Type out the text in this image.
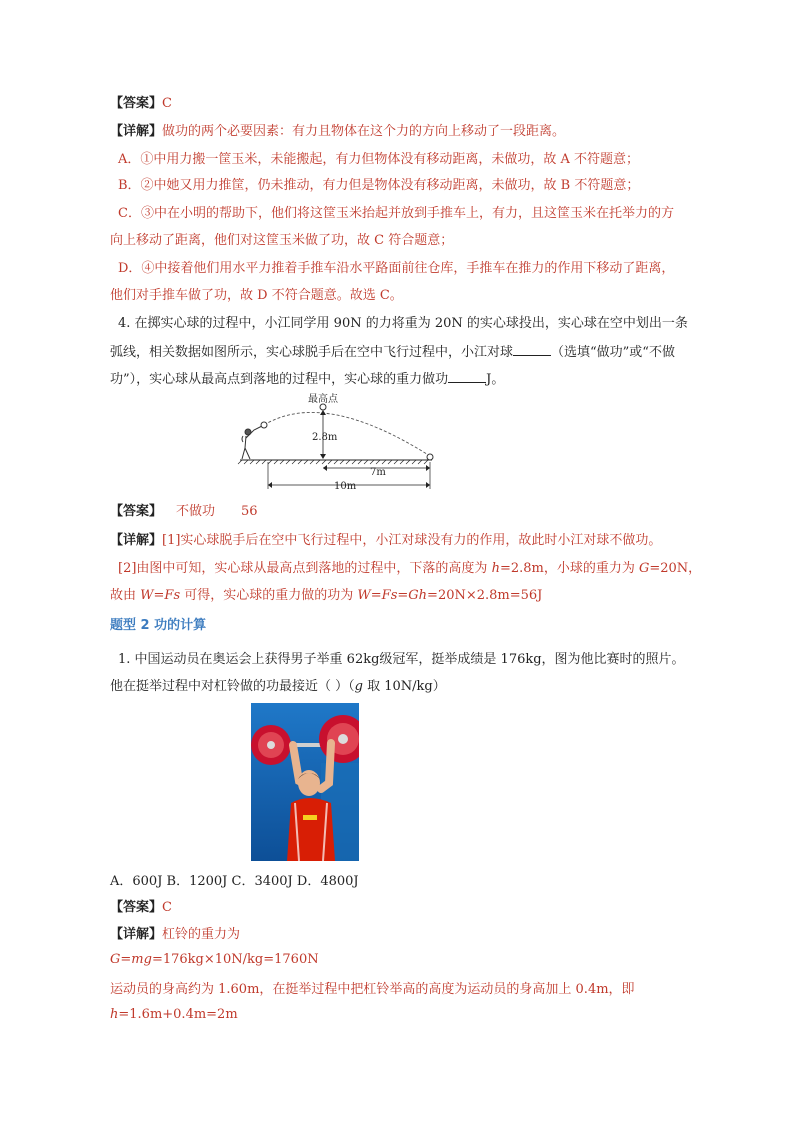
【答案】C
【详解】做功的两个必要因素：有力且物体在这个力的方向上移动了一段距离。
A．①中用力搬一筐玉米，未能搬起，有力但物体没有移动距离，未做功，故 A 不符题意；
B．②中她又用力推筐，仍未推动，有力但是物体没有移动距离，未做功，故 B 不符题意；
C．③中在小明的帮助下，他们将这筐玉米抬起并放到手推车上，有力，且这筐玉米在托举力的方
向上移动了距离，他们对这筐玉米做了功，故 C 符合题意；
D．④中接着他们用水平力推着手推车沿水平路面前往仓库，手推车在推力的作用下移动了距离，
他们对手推车做了功，故 D 不符合题意。故选 C。
4. 在掷实心球的过程中，小江同学用 90N 的力将重为 20N 的实心球投出，实心球在空中划出一条
弧线，相关数据如图所示，实心球脱手后在空中飞行过程中，小江对球	（选填“做功”或“不做
功”），实心球从最高点到落地的过程中，实心球的重力做功	J。
最高点
2.8m
7m
10m
【答案】 不做功 56
【详解】[1]实心球脱手后在空中飞行过程中，小江对球没有力的作用，故此时小江对球不做功。
[2]由图中可知，实心球从最高点到落地的过程中，下落的高度为 h=2.8m，小球的重力为 G=20N，
故由 W=Fs 可得，实心球的重力做的功为 W=Fs=Gh=20N×2.8m=56J
题型 2 功的计算
1. 中国运动员在奥运会上获得男子举重 62kg级冠军，挺举成绩是 176kg，图为他比赛时的照片。
他在挺举过程中对杠铃做的功最接近（ ）（g 取 10N/kg）
A．600J B．1200J C．3400J D．4800J
【答案】C
【详解】杠铃的重力为
G=mg=176kg×10N/kg=1760N
运动员的身高约为 1.60m，在挺举过程中把杠铃举高的高度为运动员的身高加上 0.4m，即
h=1.6m+0.4m=2m
